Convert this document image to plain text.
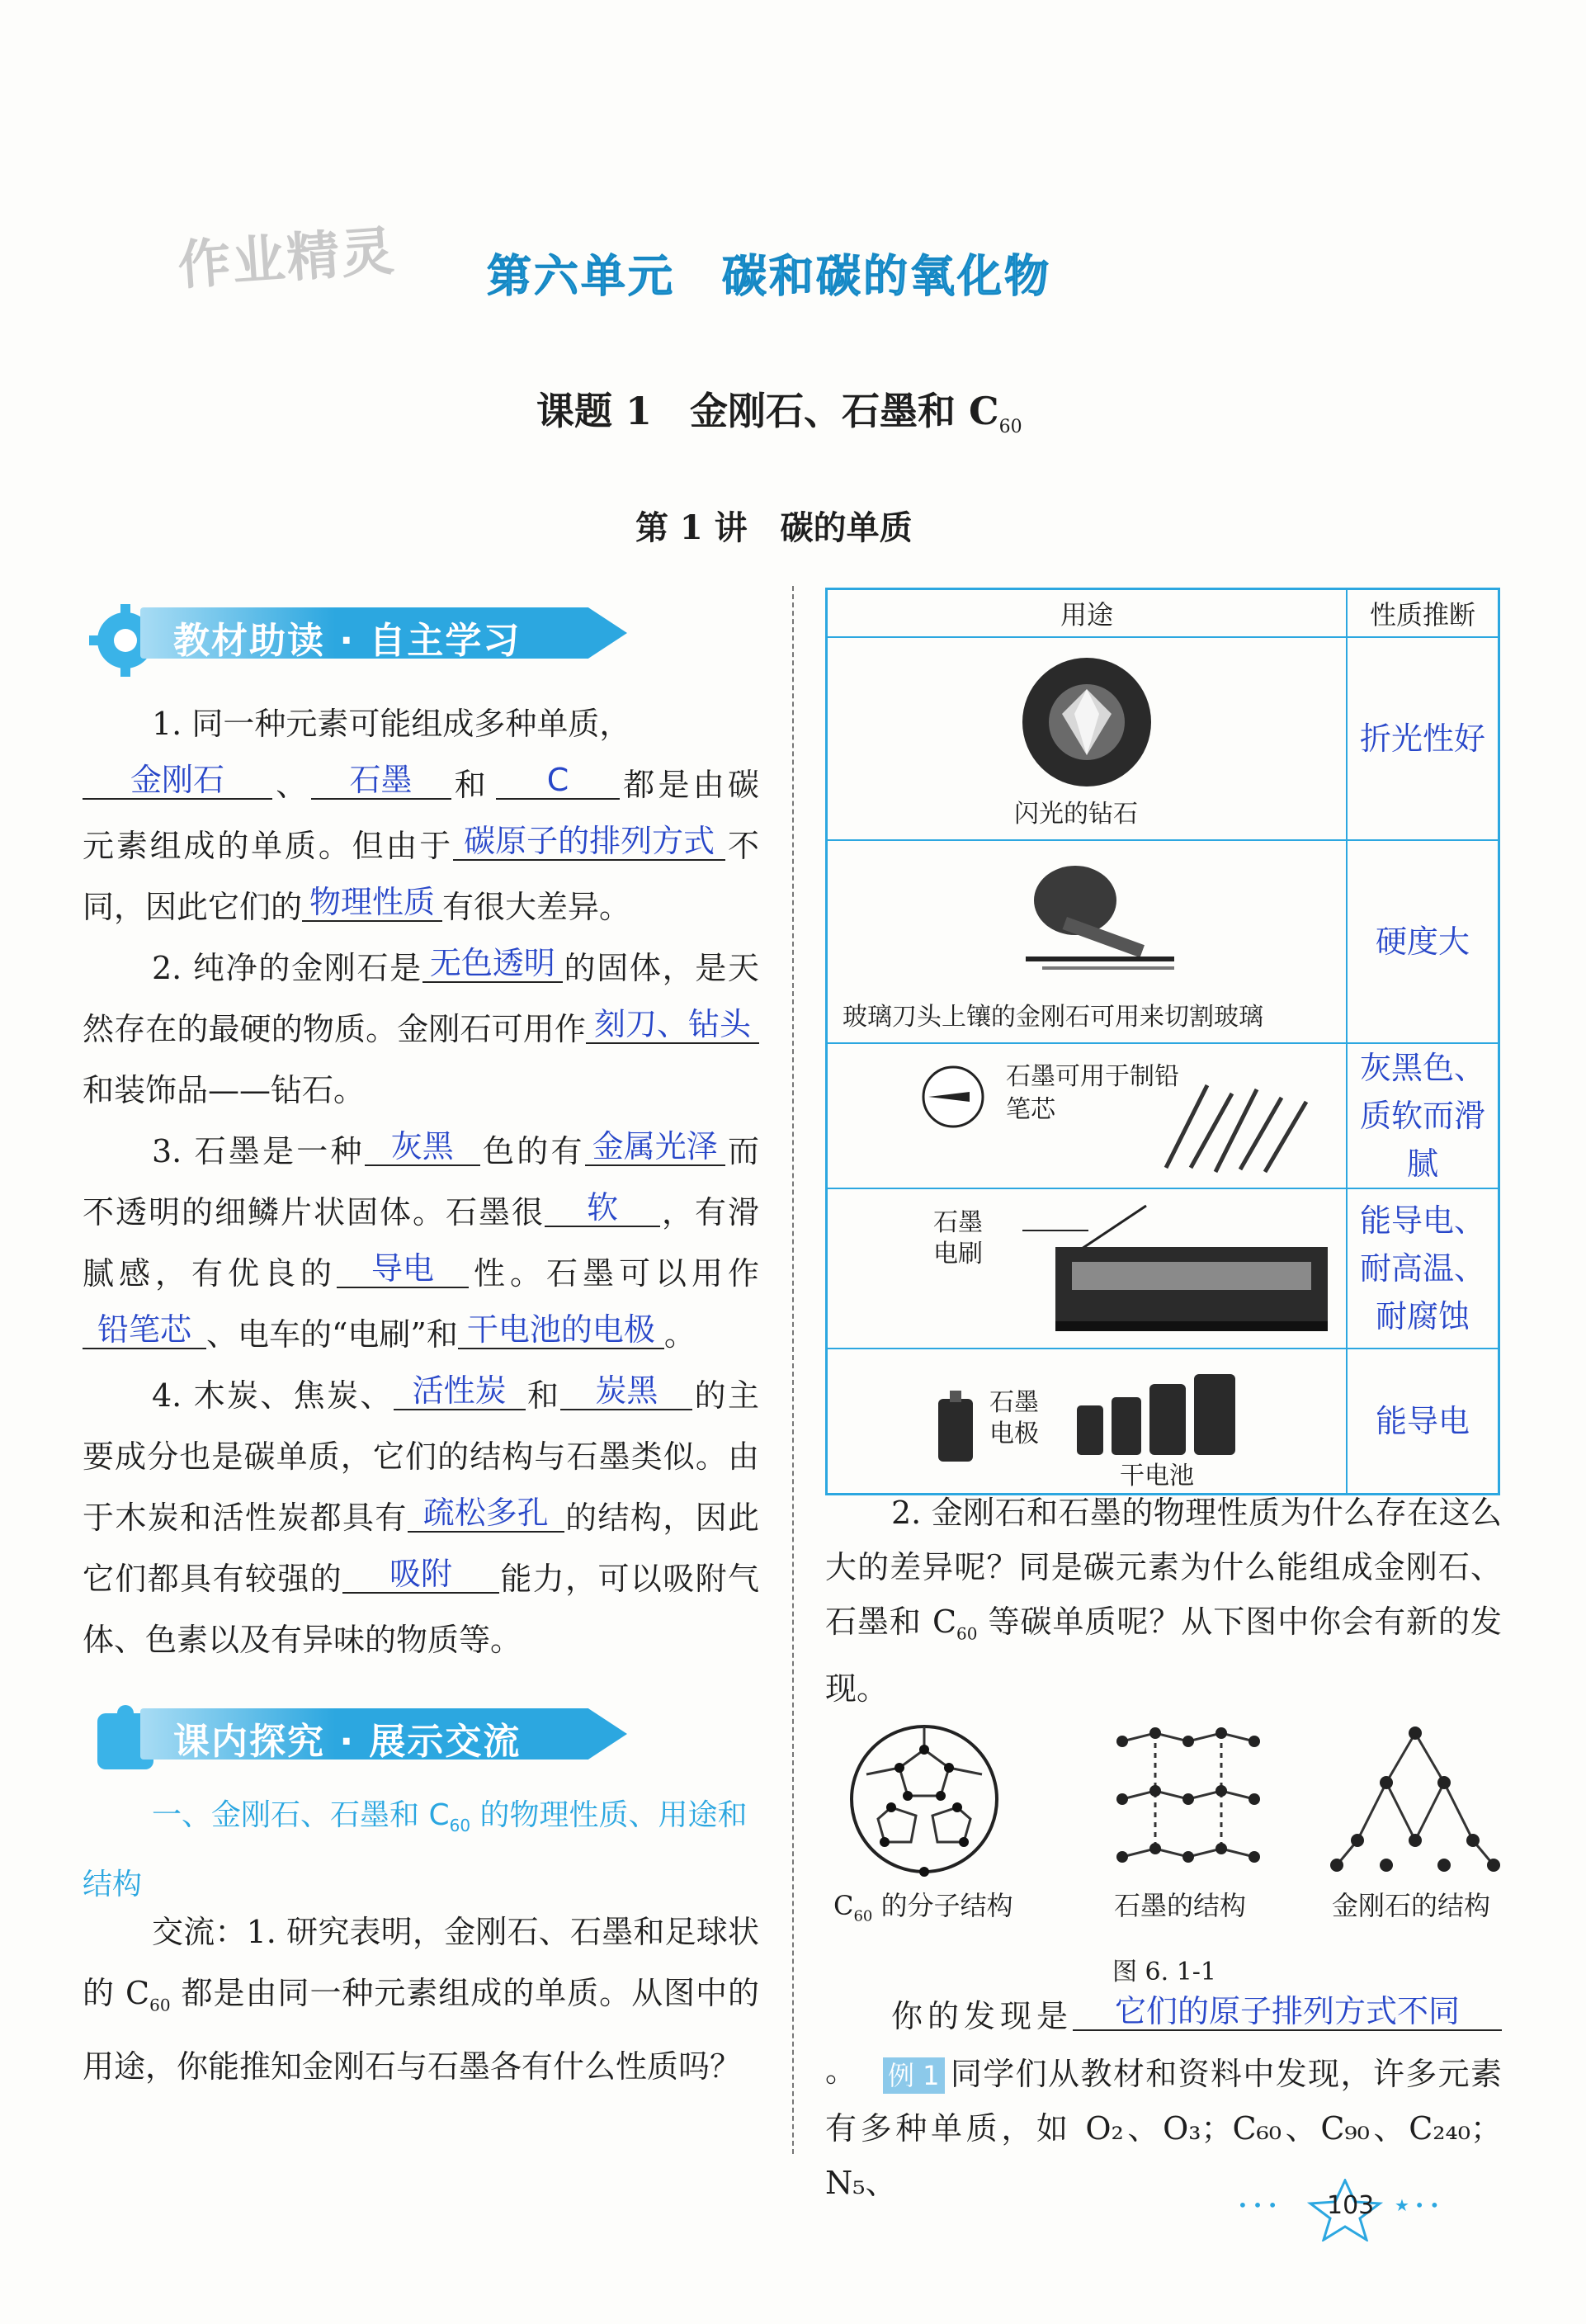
作业精灵 第六单元　碳和碳的氧化物
课题 1　金刚石、石墨和 $C_{60}$
第 1 讲　碳的单质
教材助读 · 自主学习
1. 同一种元素可能组成多种单质，
金刚石 、 石墨 和 C 都是由碳元素组成的单质。但由于 碳原子的排列方式 不同，因此它们的 物理性质 有很大差异。
2. 纯净的金刚石是 无色透明 的固体，是天然存在的最硬的物质。金刚石可用作 刻刀、钻头和装饰品——钻石。
3. 石墨是一种 灰黑 色的有 金属光泽 而不透明的细鳞片状固体。石墨很 软 ，有滑腻感，有优良的 导电 性。石墨可以用作铅笔芯 、电车的“电刷”和 干电池的电极 。
4. 木炭、焦炭、 活性炭 和 炭黑 的主要成分也是碳单质，它们的结构与石墨类似。由于木炭和活性炭都具有 疏松多孔 的结构，因此它们都具有较强的 吸附 能力，可以吸附气体、色素以及有异味的物质等。
课内探究 · 展示交流
一、金刚石、石墨和 $C_{60}$ 的物理性质、用途和结构
交流：1. 研究表明，金刚石、石墨和足球状的 $C_{60}$ 都是由同一种元素组成的单质。从图中的用途，你能推知金刚石与石墨各有什么性质吗？
用途	性质推断

闪光的钻石	折光性好

玻璃刀头上镶的金刚石可用来切割玻璃	硬度大

石墨可用于制铅笔芯	灰黑色、质软而滑腻

石墨
电刷	能导电、耐高温、耐腐蚀

石墨
电极
干电池	能导电
2. 金刚石和石墨的物理性质为什么存在这么大的差异呢？同是碳元素为什么能组成金刚石、石墨和 $C_{60}$ 等碳单质呢？从下图中你会有新的发现。
$C_{60}$ 的分子结构	石墨的结构	金刚石的结构
图 6. 1-1
你的发现是 它们的原子排列方式不同。	例 1 同学们从教材和资料中发现，许多元素有多种单质，如 O₂、O₃；C₆₀、C₉₀、C₂₄₀；N₅、
103
• • •	★ • •
